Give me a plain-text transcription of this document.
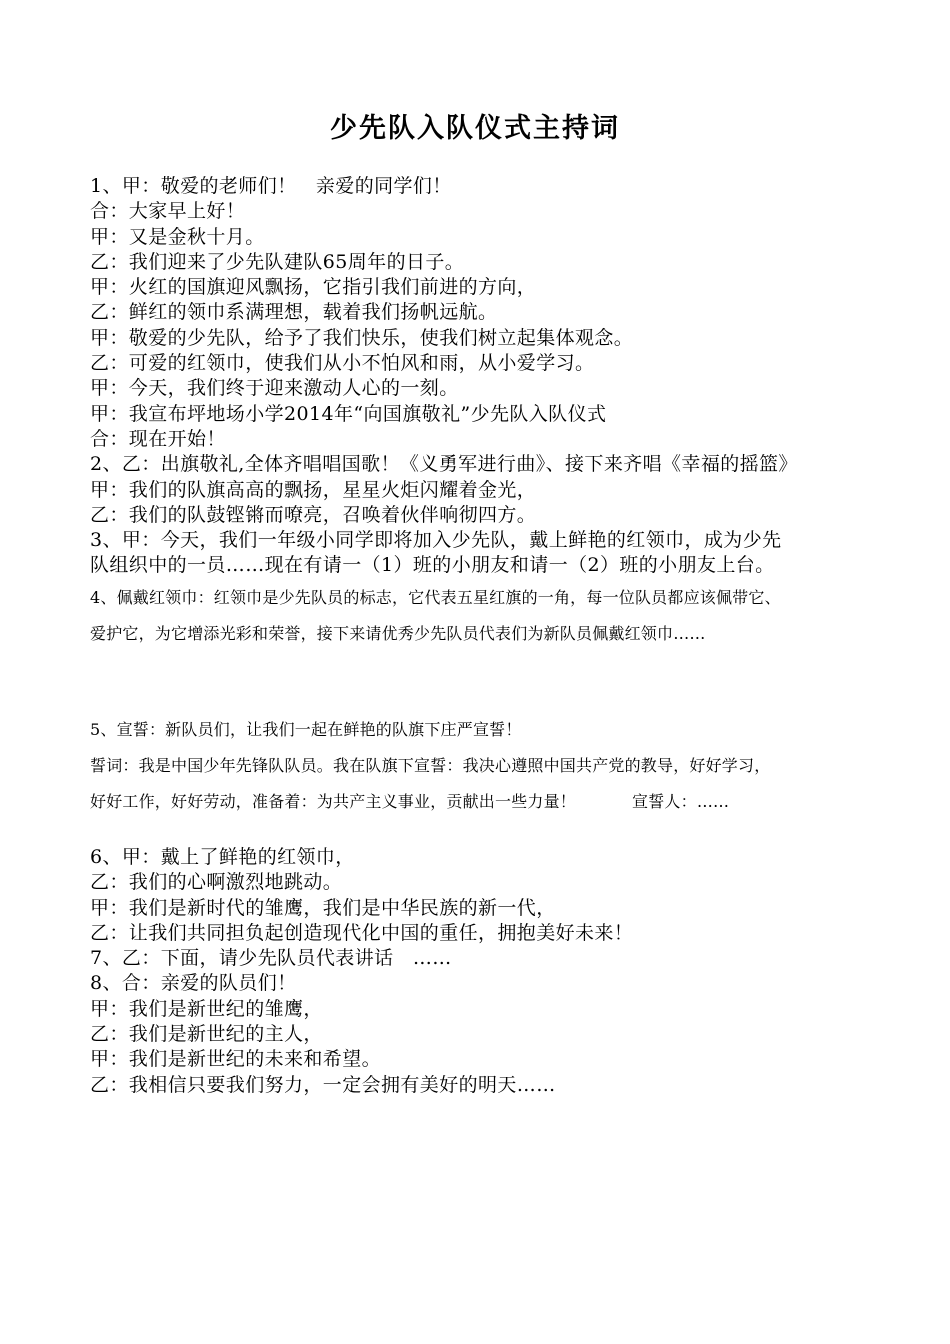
少先队入队仪式主持词
1、甲：敬爱的老师们！　亲爱的同学们！
合：大家早上好！
甲：又是金秋十月。
乙：我们迎来了少先队建队65周年的日子。
甲：火红的国旗迎风飘扬，它指引我们前进的方向，
乙：鲜红的领巾系满理想，载着我们扬帆远航。
甲：敬爱的少先队，给予了我们快乐，使我们树立起集体观念。
乙：可爱的红领巾，使我们从小不怕风和雨，从小爱学习。
甲：今天，我们终于迎来激动人心的一刻。
甲：我宣布坪地场小学2014年“向国旗敬礼”少先队入队仪式
合：现在开始！
2、乙：出旗敬礼,全体齐唱唱国歌！《义勇军进行曲》、接下来齐唱《幸福的摇篮》
甲：我们的队旗高高的飘扬，星星火炬闪耀着金光，
乙：我们的队鼓铿锵而嘹亮，召唤着伙伴响彻四方。
3、甲：今天，我们一年级小同学即将加入少先队，戴上鲜艳的红领巾，成为少先
队组织中的一员……现在有请一（1）班的小朋友和请一（2）班的小朋友上台。
4、佩戴红领巾：红领巾是少先队员的标志，它代表五星红旗的一角，每一位队员都应该佩带它、
爱护它，为它增添光彩和荣誉，接下来请优秀少先队员代表们为新队员佩戴红领巾……
5、宣誓：新队员们，让我们一起在鲜艳的队旗下庄严宣誓！
誓词：我是中国少年先锋队队员。我在队旗下宣誓：我决心遵照中国共产党的教导，好好学习，
好好工作，好好劳动，准备着：为共产主义事业，贡献出一些力量！	宣誓人：……
6、甲：戴上了鲜艳的红领巾，
乙：我们的心啊激烈地跳动。
甲：我们是新时代的雏鹰，我们是中华民族的新一代，
乙：让我们共同担负起创造现代化中国的重任，拥抱美好未来！
7、乙：下面，请少先队员代表讲话　……
8、合：亲爱的队员们！
甲：我们是新世纪的雏鹰，
乙：我们是新世纪的主人，
甲：我们是新世纪的未来和希望。
乙：我相信只要我们努力，一定会拥有美好的明天……
